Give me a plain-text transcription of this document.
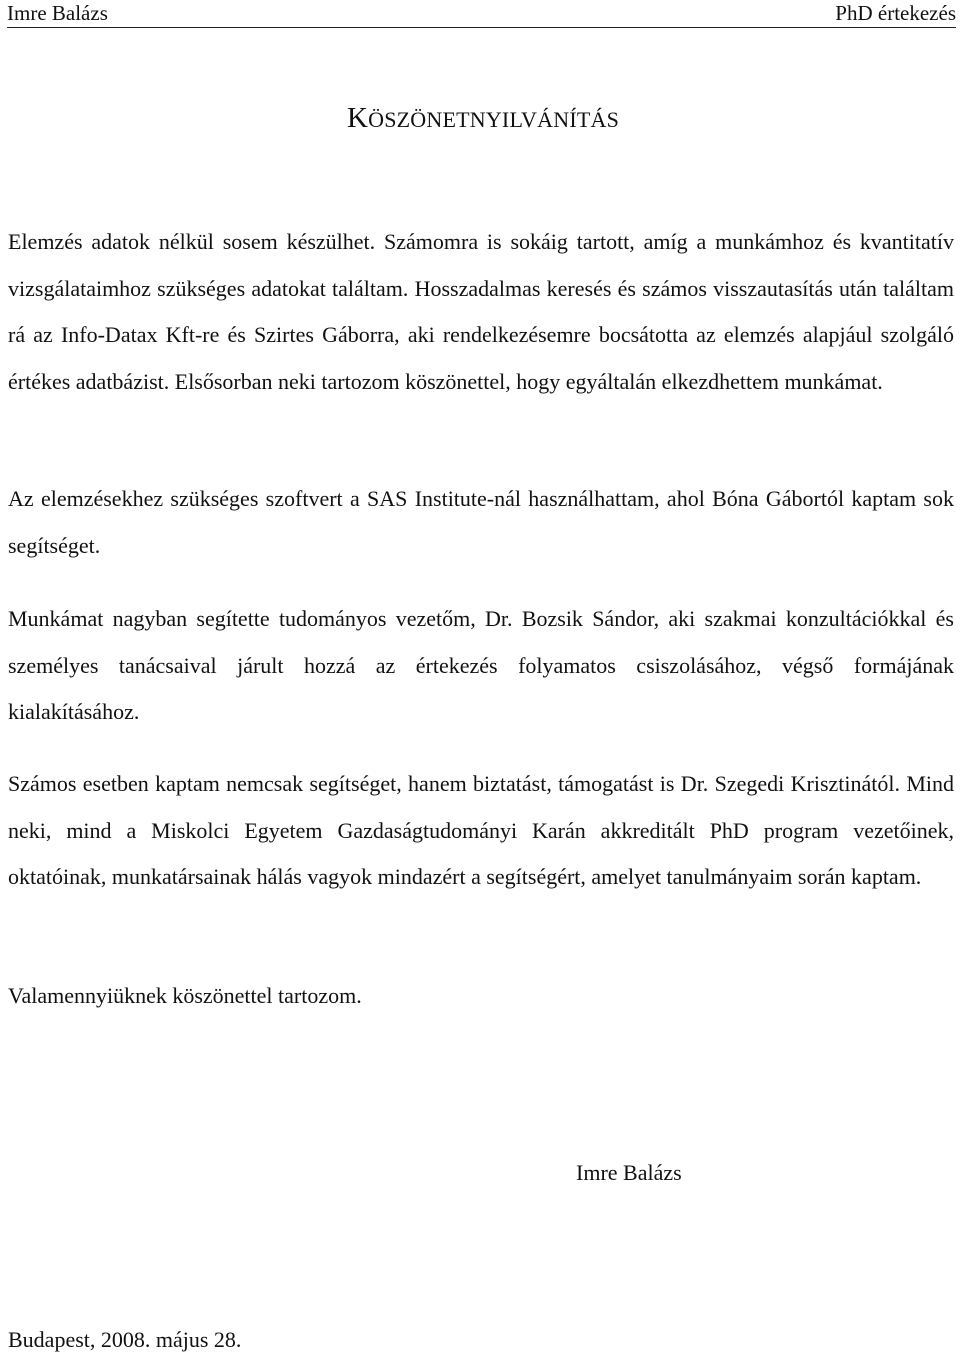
Imre Balázs	PhD értekezés
KÖSZÖNETNYILVÁNÍTÁS
Elemzés adatok nélkül sosem készülhet. Számomra is sokáig tartott, amíg a munkámhoz és kvantitatív vizsgálataimhoz szükséges adatokat találtam. Hosszadalmas keresés és számos visszautasítás után találtam rá az Info-Datax Kft-re és Szirtes Gáborra, aki rendelkezésemre bocsátotta az elemzés alapjául szolgáló értékes adatbázist. Elsősorban neki tartozom köszönettel, hogy egyáltalán elkezdhettem munkámat.
Az elemzésekhez szükséges szoftvert a SAS Institute-nál használhattam, ahol Bóna Gábortól kaptam sok segítséget.
Munkámat nagyban segítette tudományos vezetőm, Dr. Bozsik Sándor, aki szakmai konzultációkkal és személyes tanácsaival járult hozzá az értekezés folyamatos csiszolásához, végső formájának kialakításához.
Számos esetben kaptam nemcsak segítséget, hanem biztatást, támogatást is Dr. Szegedi Krisztinától. Mind neki, mind a Miskolci Egyetem Gazdaságtudományi Karán akkreditált PhD program vezetőinek, oktatóinak, munkatársainak hálás vagyok mindazért a segítségért, amelyet tanulmányaim során kaptam.
Valamennyiüknek köszönettel tartozom.
Imre Balázs
Budapest, 2008. május 28.
